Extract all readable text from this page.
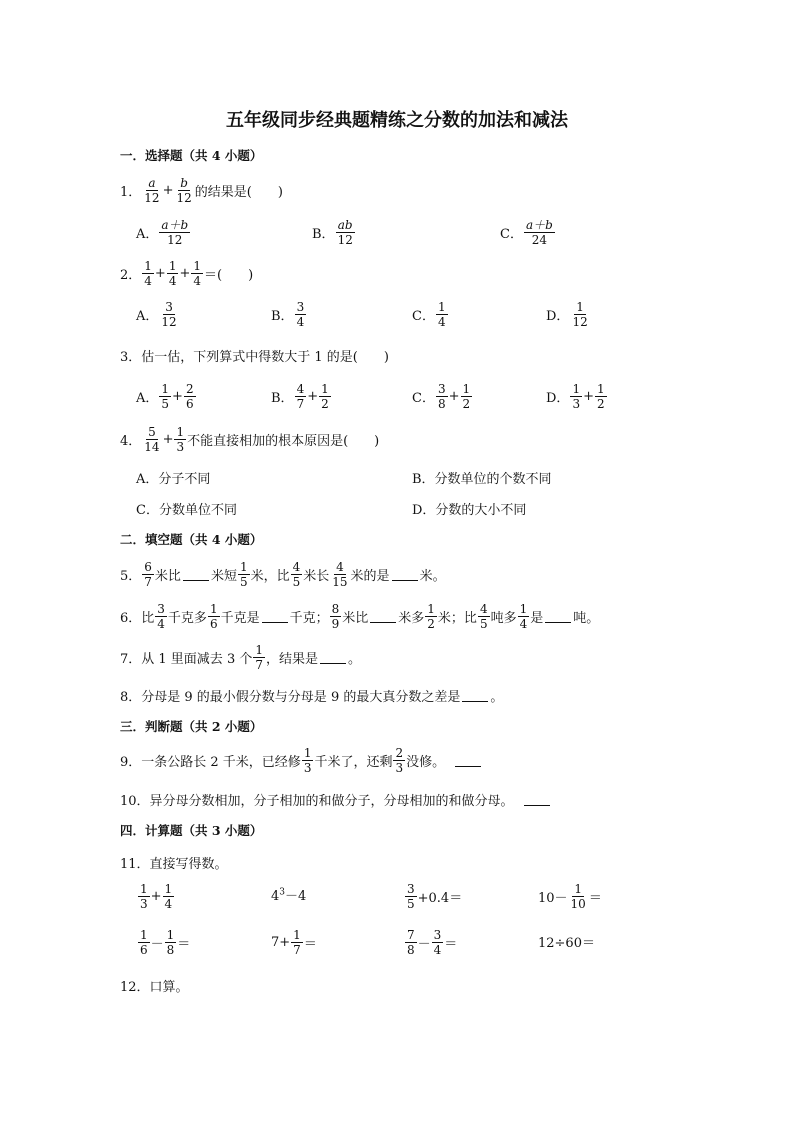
五年级同步经典题精练之分数的加法和减法
一．选择题（共 4 小题）
1． $\frac{a}{12} + \frac{b}{12}$ 的结果是(　　)
A． $\frac{a+b}{12}$	B． $\frac{ab}{12}$	C． $\frac{a+b}{24}$
2． $\frac{1}{4} + \frac{1}{4} + \frac{1}{4}$ ＝(　　)
A． $\frac{3}{12}$	B． $\frac{3}{4}$	C． $\frac{1}{4}$	D． $\frac{1}{12}$
3．估一估，下列算式中得数大于 1 的是(　　)
A． $\frac{1}{5} + \frac{2}{6}$	B． $\frac{4}{7} + \frac{1}{2}$	C． $\frac{3}{8} + \frac{1}{2}$	D． $\frac{1}{3} + \frac{1}{2}$
4． $\frac{5}{14} + \frac{1}{3}$ 不能直接相加的根本原因是(　　)
A．分子不同	B．分数单位的个数不同
C．分数单位不同	D．分数的大小不同
二．填空题（共 4 小题）
5． $\frac{6}{7}$ 米比 米短 $\frac{1}{5}$ 米，比 $\frac{4}{5}$ 米长 $\frac{4}{15}$ 米的是 米。
6．比 $\frac{3}{4}$ 千克多 $\frac{1}{6}$ 千克是 千克； $\frac{8}{9}$ 米比 米多 $\frac{1}{2}$ 米；比 $\frac{4}{5}$ 吨多 $\frac{1}{4}$ 是 吨。
7．从 1 里面减去 3 个 $\frac{1}{7}$ ，结果是 。
8．分母是 9 的最小假分数与分母是 9 的最大真分数之差是 。
三．判断题（共 2 小题）
9．一条公路长 2 千米，已经修 $\frac{1}{3}$ 千米了，还剩 $\frac{2}{3}$ 没修。
10．异分母分数相加，分子相加的和做分子，分母相加的和做分母。
四．计算题（共 3 小题）
11．直接写得数。
$\frac{1}{3} + \frac{1}{4}$	$4^3-4$	$\frac{3}{5} +0.4=$	$10- \frac{1}{10}$ ＝
$\frac{1}{6} - \frac{1}{8}$ ＝	$7+ \frac{1}{7}$ ＝	$\frac{7}{8} - \frac{3}{4}$ ＝	12÷60＝
12．口算。
